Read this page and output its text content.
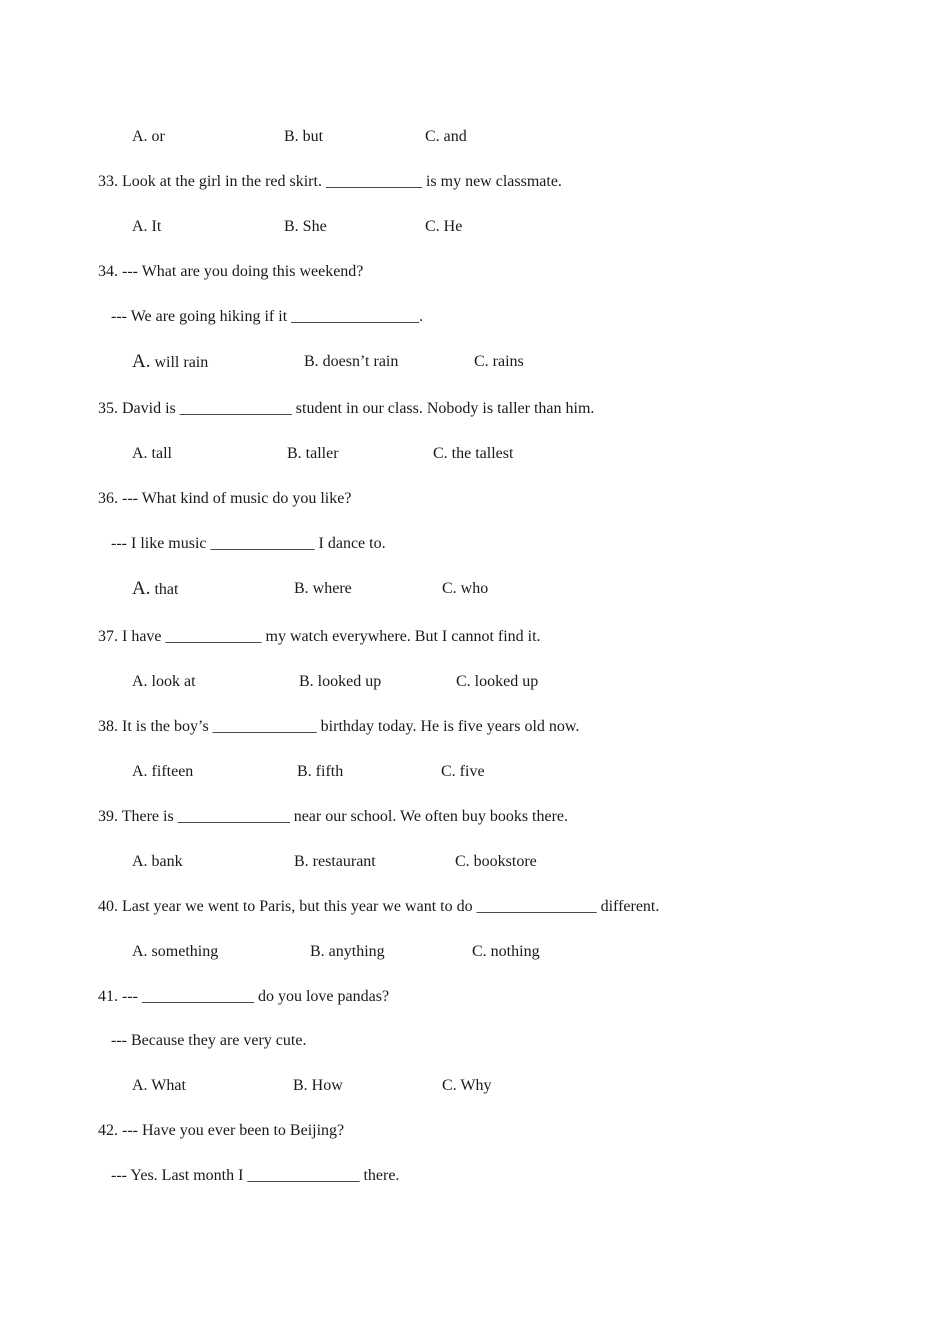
A. or	B. but	C. and
33. Look at the girl in the red skirt. ____________ is my new classmate.
A. It	B. She	C. He
34. --- What are you doing this weekend?
--- We are going hiking if it ________________.
A. will rain	B. doesn’t rain	C. rains
35. David is ______________ student in our class. Nobody is taller than him.
A. tall	B. taller	C. the tallest
36. --- What kind of music do you like?
--- I like music _____________ I dance to.
A. that	B. where	C. who
37. I have ____________ my watch everywhere. But I cannot find it.
A. look at	B. looked up	C. looked up
38. It is the boy’s _____________ birthday today. He is five years old now.
A. fifteen	B. fifth	C. five
39. There is ______________ near our school. We often buy books there.
A. bank	B. restaurant	C. bookstore
40. Last year we went to Paris, but this year we want to do _______________ different.
A. something	B. anything	C. nothing
41. --- ______________ do you love pandas?
--- Because they are very cute.
A. What	B. How	C. Why
42. --- Have you ever been to Beijing?
--- Yes. Last month I ______________ there.
